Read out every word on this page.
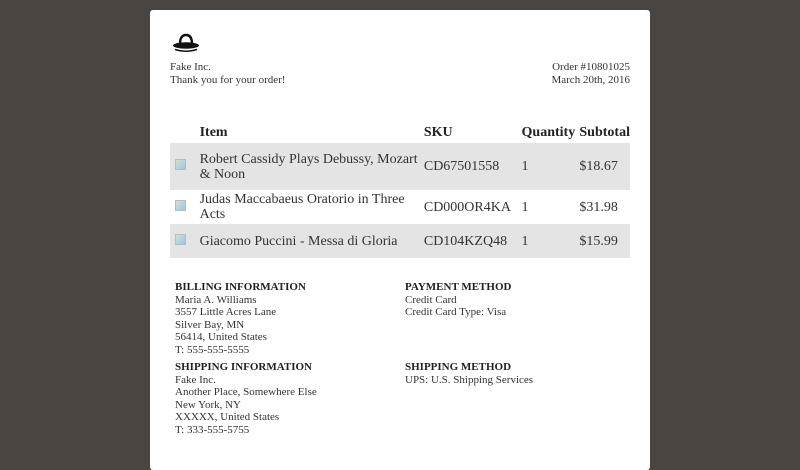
Fake Inc.
Thank you for your order!
Order #10801025
March 20th, 2016
	Item	SKU	Quantity	Subtotal
	Robert Cassidy Plays Debussy, Mozart & Noon	CD67501558	1	$18.67
	Judas Maccabaeus Oratorio in Three Acts	CD000OR4KA	1	$31.98
	Giacomo Puccini - Messa di Gloria	CD104KZQ48	1	$15.99
BILLING INFORMATION
Maria A. Williams
3557 Little Acres Lane
Silver Bay, MN
56414, United States
T: 555-555-5555
PAYMENT METHOD
Credit Card
Credit Card Type: Visa
SHIPPING INFORMATION
Fake Inc.
Another Place, Somewhere Else
New York, NY
XXXXX, United States
T: 333-555-5755
SHIPPING METHOD
UPS: U.S. Shipping Services
